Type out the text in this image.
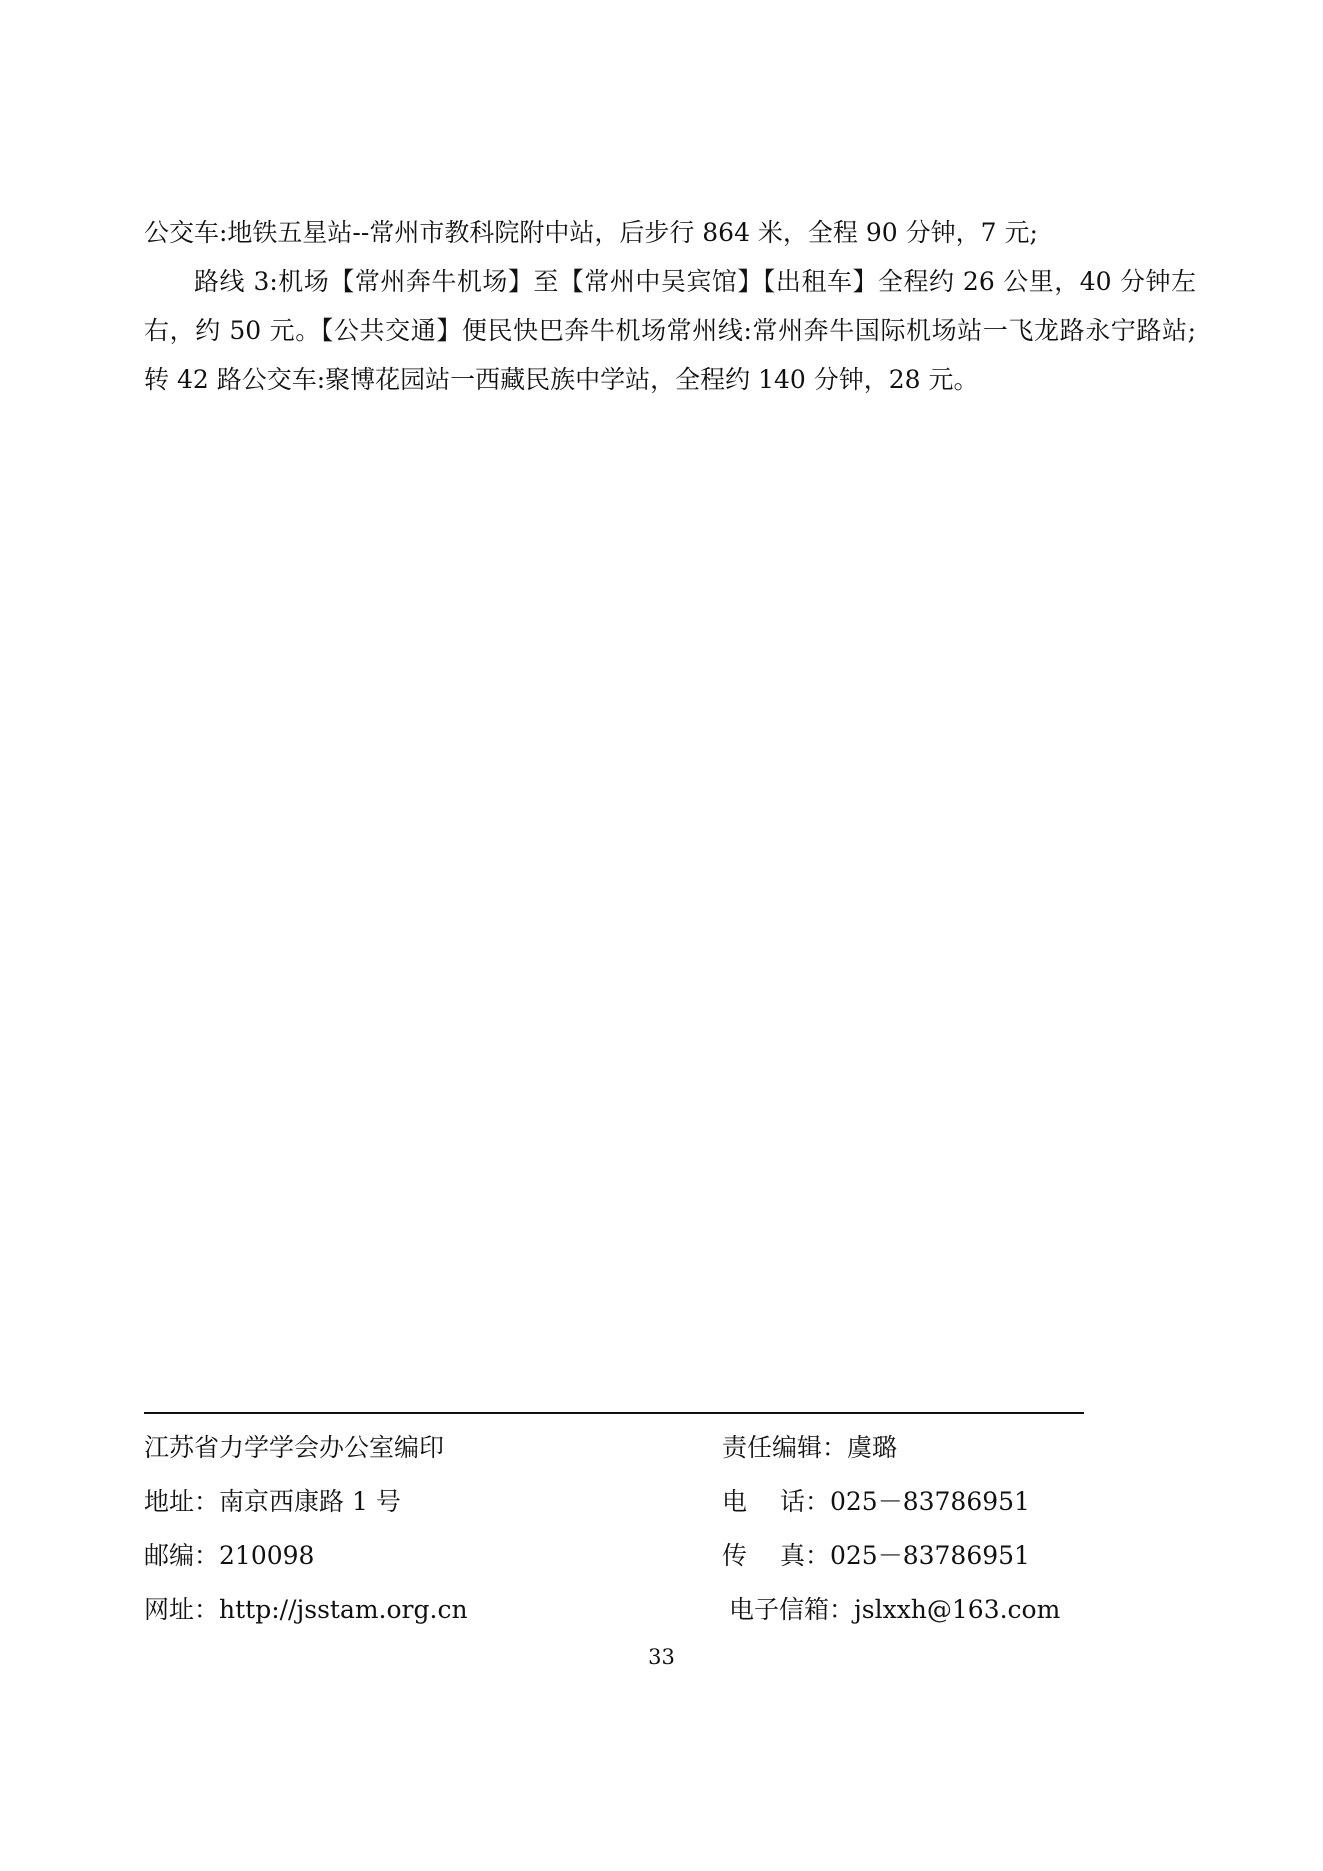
公交车:地铁五星站--常州市教科院附中站，后步行 864 米，全程 90 分钟，7 元;

路线 3:机场【常州奔牛机场】至【常州中吴宾馆】【出租车】全程约 26 公里，40 分钟左右，约 50 元。【公共交通】便民快巴奔牛机场常州线:常州奔牛国际机场站一飞龙路永宁路站;转 42 路公交车:聚博花园站一西藏民族中学站，全程约 140 分钟，28 元。

江苏省力学学会办公室编印	责任编辑：虞璐
地址：南京西康路 1 号	电 话： 025－83786951
邮编：210098	传 真： 025－83786951
网址：http://jsstam.org.cn	电子信箱：jslxxh@163.com
33
